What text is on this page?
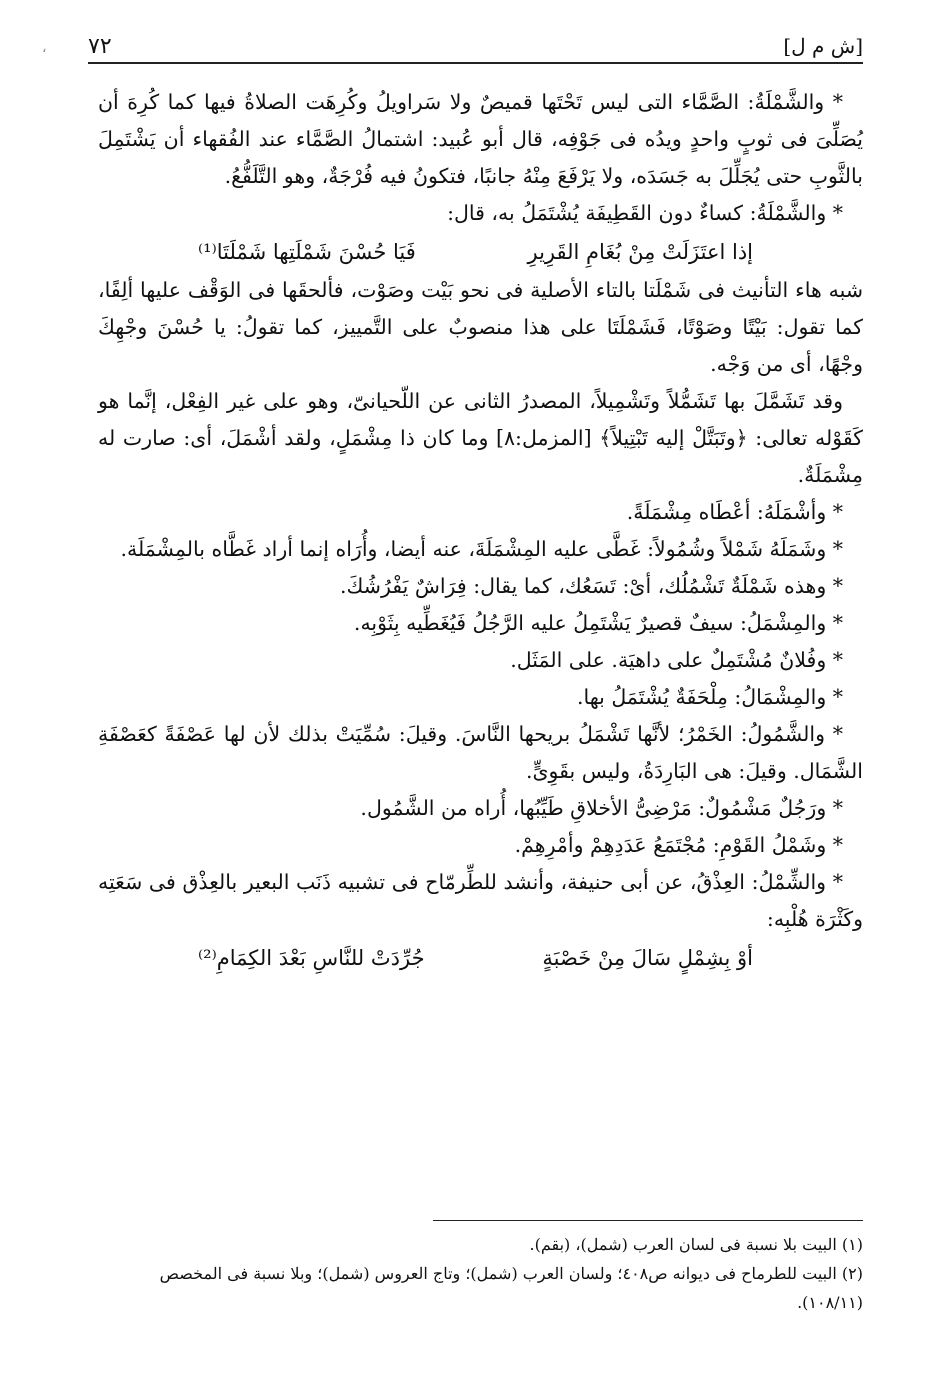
، ٧٢	[ش م ل]

* والشَّمْلَةُ: الصَّمَّاء التى ليس تَحْتَها قميصٌ ولا سَراويلُ وكُرِهَت الصلاةُ فيها كما كُرِهَ أن يُصَلِّىَ فى ثوبٍ واحدٍ ويدُه فى جَوْفِه، قال أبو عُبيد: اشتمالُ الصَّمَّاء عند الفُقهاء أن يَشْتَمِلَ بالثَّوبِ حتى يُجَلِّلَ به جَسَدَه، ولا يَرْفَعَ مِنْهُ جانبًا، فتكونُ فيه فُرْجَةٌ، وهو التَّلَفُّعُ.

* والشَّمْلَةُ: كساءٌ دون القَطِيفَة يُشْتَمَلُ به، قال:

إذا اعتَزَلَتْ مِنْ بُغَامِ القَرِيرِ
فَيَا حُسْنَ شَمْلَتِها شَمْلَتَا⁽¹⁾

شبه هاء التأنيث فى شَمْلَتا بالتاء الأصلية فى نحو بَيْت وصَوْت، فألحقَها فى الوَقْف عليها ألِفًا، كما تقول: بَيْتًا وصَوْتًا، فَشَمْلَتَا على هذا منصوبٌ على التَّمييز، كما تقولُ: يا حُسْنَ وجْهِكَ وجْهًا، أى من وَجْه.

وقد تَشَمَّلَ بها تَشَمُّلاً وتَشْمِيلاً، المصدرُ الثانى عن اللّحيانىّ، وهو على غير الفِعْل، إنَّما هو كَقَوْله تعالى: ﴿وتَبَتَّلْ إليه تَبْتِيلاً﴾ [المزمل:٨] وما كان ذا مِشْمَلٍ، ولقد أشْمَلَ، أى: صارت له مِشْمَلَةٌ.

* وأشْمَلَهُ: أعْطَاه مِشْمَلَةً.

* وشَمَلَهُ شَمْلاً وشُمُولاً: غَطَّى عليه المِشْمَلَةَ، عنه أيضا، وأُرَاه إنما أراد غَطَّاه بالمِشْمَلَة.

* وهذه شَمْلَةٌ تَشْمُلُك، أىْ: تَسَعُك، كما يقال: فِرَاشٌ يَفْرُشُكَ.

* والمِشْمَلُ: سيفٌ قصيرٌ يَشْتَمِلُ عليه الرَّجُلُ فَيُغَطِّيه بِثَوْبِه.

* وفُلانٌ مُشْتَمِلٌ على داهيَة. على المَثَل.

* والمِشْمَالُ: مِلْحَفَةٌ يُشْتَمَلُ بها.

* والشَّمُولُ: الخَمْرُ؛ لأنَّها تَشْمَلُ بريحها النَّاسَ. وقيلَ: سُمِّيَتْ بذلك لأن لها عَصْفَةً كعَصْفَةِ الشَّمَال. وقيلَ: هى البَارِدَةُ، وليس بقَوِىٍّ.

* ورَجُلٌ مَشْمُولٌ: مَرْضِىُّ الأخلاقِ طَيِّبُها، أُراه من الشَّمُول.

* وشَمْلُ القَوْمِ: مُجْتَمَعُ عَدَدِهِمْ وأمْرِهِمْ.

* والشِّمْلُ: العِذْقُ، عن أبى حنيفة، وأنشد للطِّرمّاح فى تشبيه ذَنَب البعير بالعِذْق فى سَعَتِه وكَثْرَة هُلْبِه:

أوْ بِشِمْلٍ سَالَ مِنْ خَصْبَةٍ
جُرِّدَتْ للنَّاسِ بَعْدَ الكِمَامِ⁽²⁾

(١) البيت بلا نسبة فى لسان العرب (شمل)، (بقم).

(٢) البيت للطرماح فى ديوانه ص٤٠٨؛ ولسان العرب (شمل)؛ وتاج العروس (شمل)؛ وبلا نسبة فى المخصص (١٠٨/١١).
